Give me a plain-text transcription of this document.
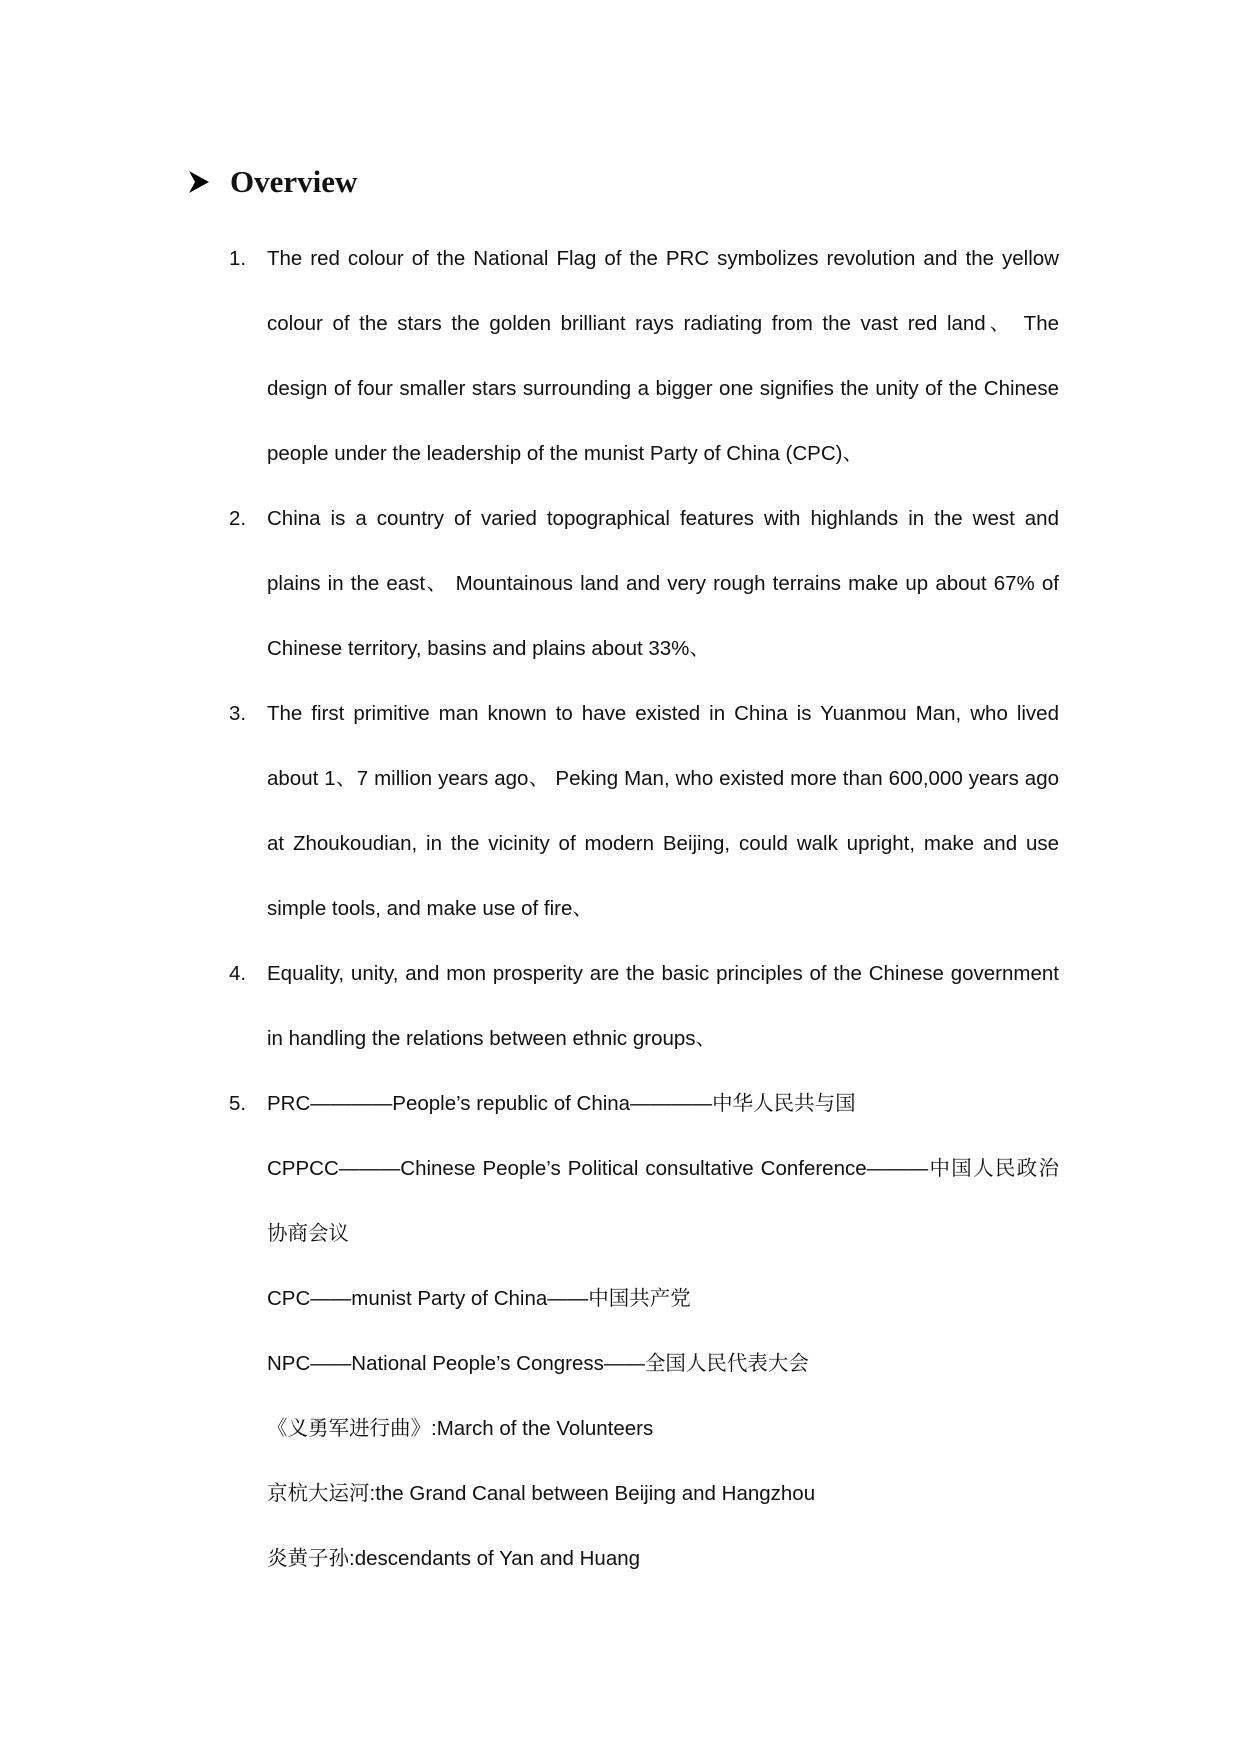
Overview
1.	The red colour of the National Flag of the PRC symbolizes revolution and the yellow colour of the stars the golden brilliant rays radiating from the vast red land、 The design of four smaller stars surrounding a bigger one signifies the unity of the Chinese people under the leadership of the munist Party of China (CPC)、
2.	China is a country of varied topographical features with highlands in the west and plains in the east、 Mountainous land and very rough terrains make up about 67% of Chinese territory, basins and plains about 33%、
3.	The first primitive man known to have existed in China is Yuanmou Man, who lived about 1、7 million years ago、 Peking Man, who existed more than 600,000 years ago at Zhoukoudian, in the vicinity of modern Beijing, could walk upright, make and use simple tools, and make use of fire、
4.	Equality, unity, and mon prosperity are the basic principles of the Chinese government in handling the relations between ethnic groups、
5.	PRC————People’s republic of China————中华人民共与国
CPPCC———Chinese People’s Political consultative Conference———中国人民政治协商会议
CPC——munist Party of China——中国共产党
NPC——National People’s Congress——全国人民代表大会
《义勇军进行曲》:March of the Volunteers
京杭大运河:the Grand Canal between Beijing and Hangzhou
炎黄子孙:descendants of Yan and Huang
